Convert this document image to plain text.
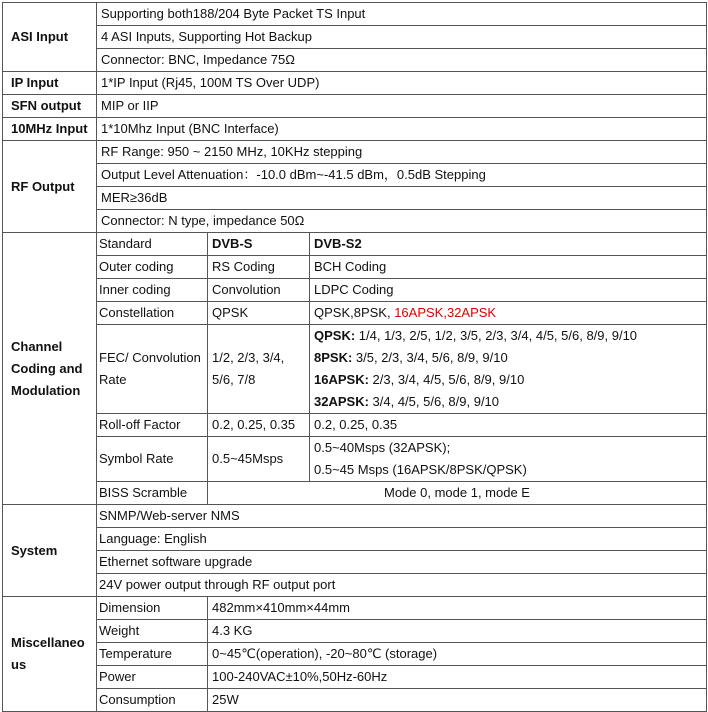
ASI Input	Supporting both188/204 Byte Packet TS Input		
	4 ASI Inputs, Supporting Hot Backup		
	Connector: BNC, Impedance 75Ω		
IP Input	1*IP Input (Rj45, 100M TS Over UDP)		
SFN output	MIP or IIP		
10MHz Input	1*10Mhz Input (BNC Interface)		
RF Output	RF Range: 950 ~ 2150 MHz, 10KHz stepping		
	Output Level Attenuation：-10.0 dBm~-41.5 dBm，0.5dB Stepping		
	MER≥36dB		
	Connector: N type, impedance 50Ω		
Channel Coding and Modulation	Standard	DVB-S	DVB-S2
	Outer coding	RS Coding	BCH Coding
	Inner coding	Convolution	LDPC Coding
	Constellation	QPSK	QPSK,8PSK, 16APSK,32APSK
	FEC/ Convolution Rate	1/2, 2/3, 3/4, 5/6, 7/8	QPSK: 1/4, 1/3, 2/5, 1/2, 3/5, 2/3, 3/4, 4/5, 5/6, 8/9, 9/10
8PSK: 3/5, 2/3, 3/4, 5/6, 8/9, 9/10
16APSK: 2/3, 3/4, 4/5, 5/6, 8/9, 9/10
32APSK: 3/4, 4/5, 5/6, 8/9, 9/10

	Roll-off Factor	0.2, 0.25, 0.35	0.2, 0.25, 0.35
	Symbol Rate	0.5~45Msps	0.5~40Msps (32APSK);
0.5~45 Msps (16APSK/8PSK/QPSK)

	BISS Scramble	Mode 0, mode 1, mode E	
System	SNMP/Web-server NMS		
	Language: English		
	Ethernet software upgrade		
	24V power output through RF output port		
Miscellaneous	Dimension	482mm×410mm×44mm	
	Weight	4.3 KG	
	Temperature	0~45℃(operation), -20~80℃ (storage)	
	Power	100-240VAC±10%,50Hz-60Hz	
	Consumption	25W	
